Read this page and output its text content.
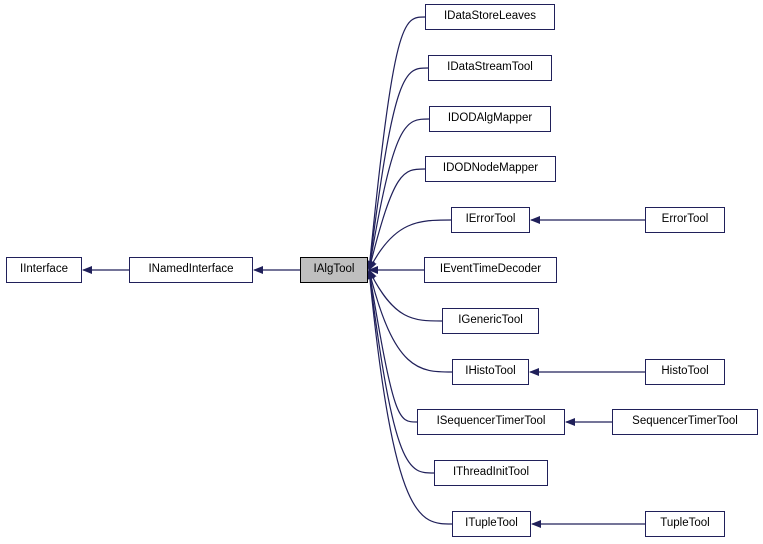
IInterface	INamedInterface	IAlgTool
IDataStoreLeaves
IDataStreamTool
IDODAlgMapper
IDODNodeMapper
IErrorTool
IEventTimeDecoder
IGenericTool
IHistoTool
ISequencerTimerTool
IThreadInitTool
ITupleTool
ErrorTool
HistoTool
SequencerTimerTool
TupleTool
